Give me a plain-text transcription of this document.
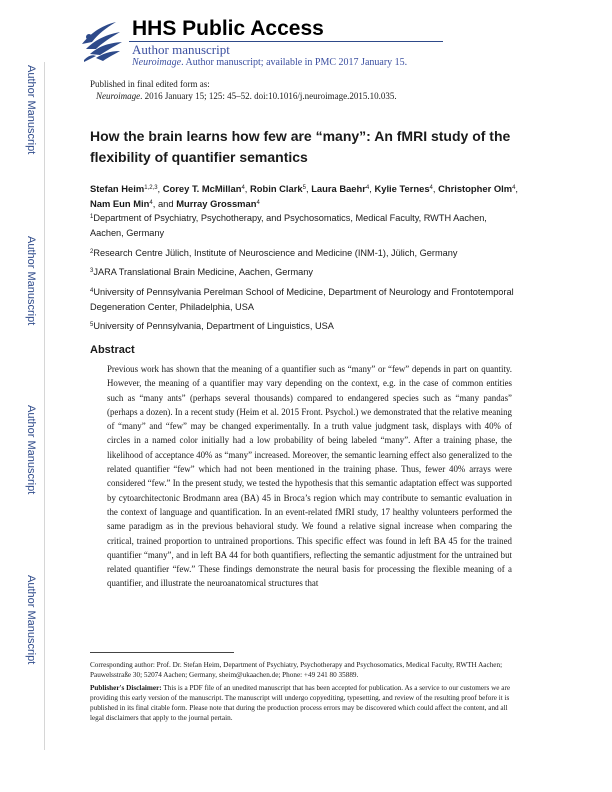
HHS Public Access
Author manuscript
Neuroimage. Author manuscript; available in PMC 2017 January 15.
Author Manuscript
Author Manuscript
Author Manuscript
Author Manuscript
Published in final edited form as:
Neuroimage. 2016 January 15; 125: 45–52. doi:10.1016/j.neuroimage.2015.10.035.
How the brain learns how few are “many”: An fMRI study of the flexibility of quantifier semantics
Stefan Heim$^{1,2,3}$, Corey T. McMillan$^4$, Robin Clark$^5$, Laura Baehr$^4$, Kylie Ternes$^4$, Christopher Olm$^4$, Nam Eun Min$^4$, and Murray Grossman$^4$
$^1$Department of Psychiatry, Psychotherapy, and Psychosomatics, Medical Faculty, RWTH Aachen, Aachen, Germany
$^2$Research Centre Jülich, Institute of Neuroscience and Medicine (INM-1), Jülich, Germany
$^3$JARA Translational Brain Medicine, Aachen, Germany
$^4$University of Pennsylvania Perelman School of Medicine, Department of Neurology and Frontotemporal Degeneration Center, Philadelphia, USA
$^5$University of Pennsylvania, Department of Linguistics, USA
Abstract
Previous work has shown that the meaning of a quantifier such as “many” or “few” depends in part on quantity. However, the meaning of a quantifier may vary depending on the context, e.g. in the case of common entities such as “many ants” (perhaps several thousands) compared to endangered species such as “many pandas” (perhaps a dozen). In a recent study (Heim et al. 2015 Front. Psychol.) we demonstrated that the relative meaning of “many” and “few” may be changed experimentally. In a truth value judgment task, displays with 40% of circles in a named color initially had a low probability of being labeled “many”. After a training phase, the likelihood of acceptance 40% as “many” increased. Moreover, the semantic learning effect also generalized to the related quantifier “few” which had not been mentioned in the training phase. Thus, fewer 40% arrays were considered “few.” In the present study, we tested the hypothesis that this semantic adaptation effect was supported by cytoarchitectonic Brodmann area (BA) 45 in Broca’s region which may contribute to semantic evaluation in the context of language and quantification. In an event-related fMRI study, 17 healthy volunteers performed the same paradigm as in the previous behavioral study. We found a relative signal increase when comparing the critical, trained proportion to untrained proportions. This specific effect was found in left BA 45 for the trained quantifier “many”, and in left BA 44 for both quantifiers, reflecting the semantic adjustment for the untrained but related quantifier “few.” These findings demonstrate the neural basis for processing the flexible meaning of a quantifier, and illustrate the neuroanatomical structures that
Corresponding author: Prof. Dr. Stefan Heim, Department of Psychiatry, Psychotherapy and Psychosomatics, Medical Faculty, RWTH Aachen; Pauwelsstraße 30; 52074 Aachen; Germany, sheim@ukaachen.de; Phone: +49 241 80 35889.
Publisher's Disclaimer: This is a PDF file of an unedited manuscript that has been accepted for publication. As a service to our customers we are providing this early version of the manuscript. The manuscript will undergo copyediting, typesetting, and review of the resulting proof before it is published in its final citable form. Please note that during the production process errors may be discovered which could affect the content, and all legal disclaimers that apply to the journal pertain.
